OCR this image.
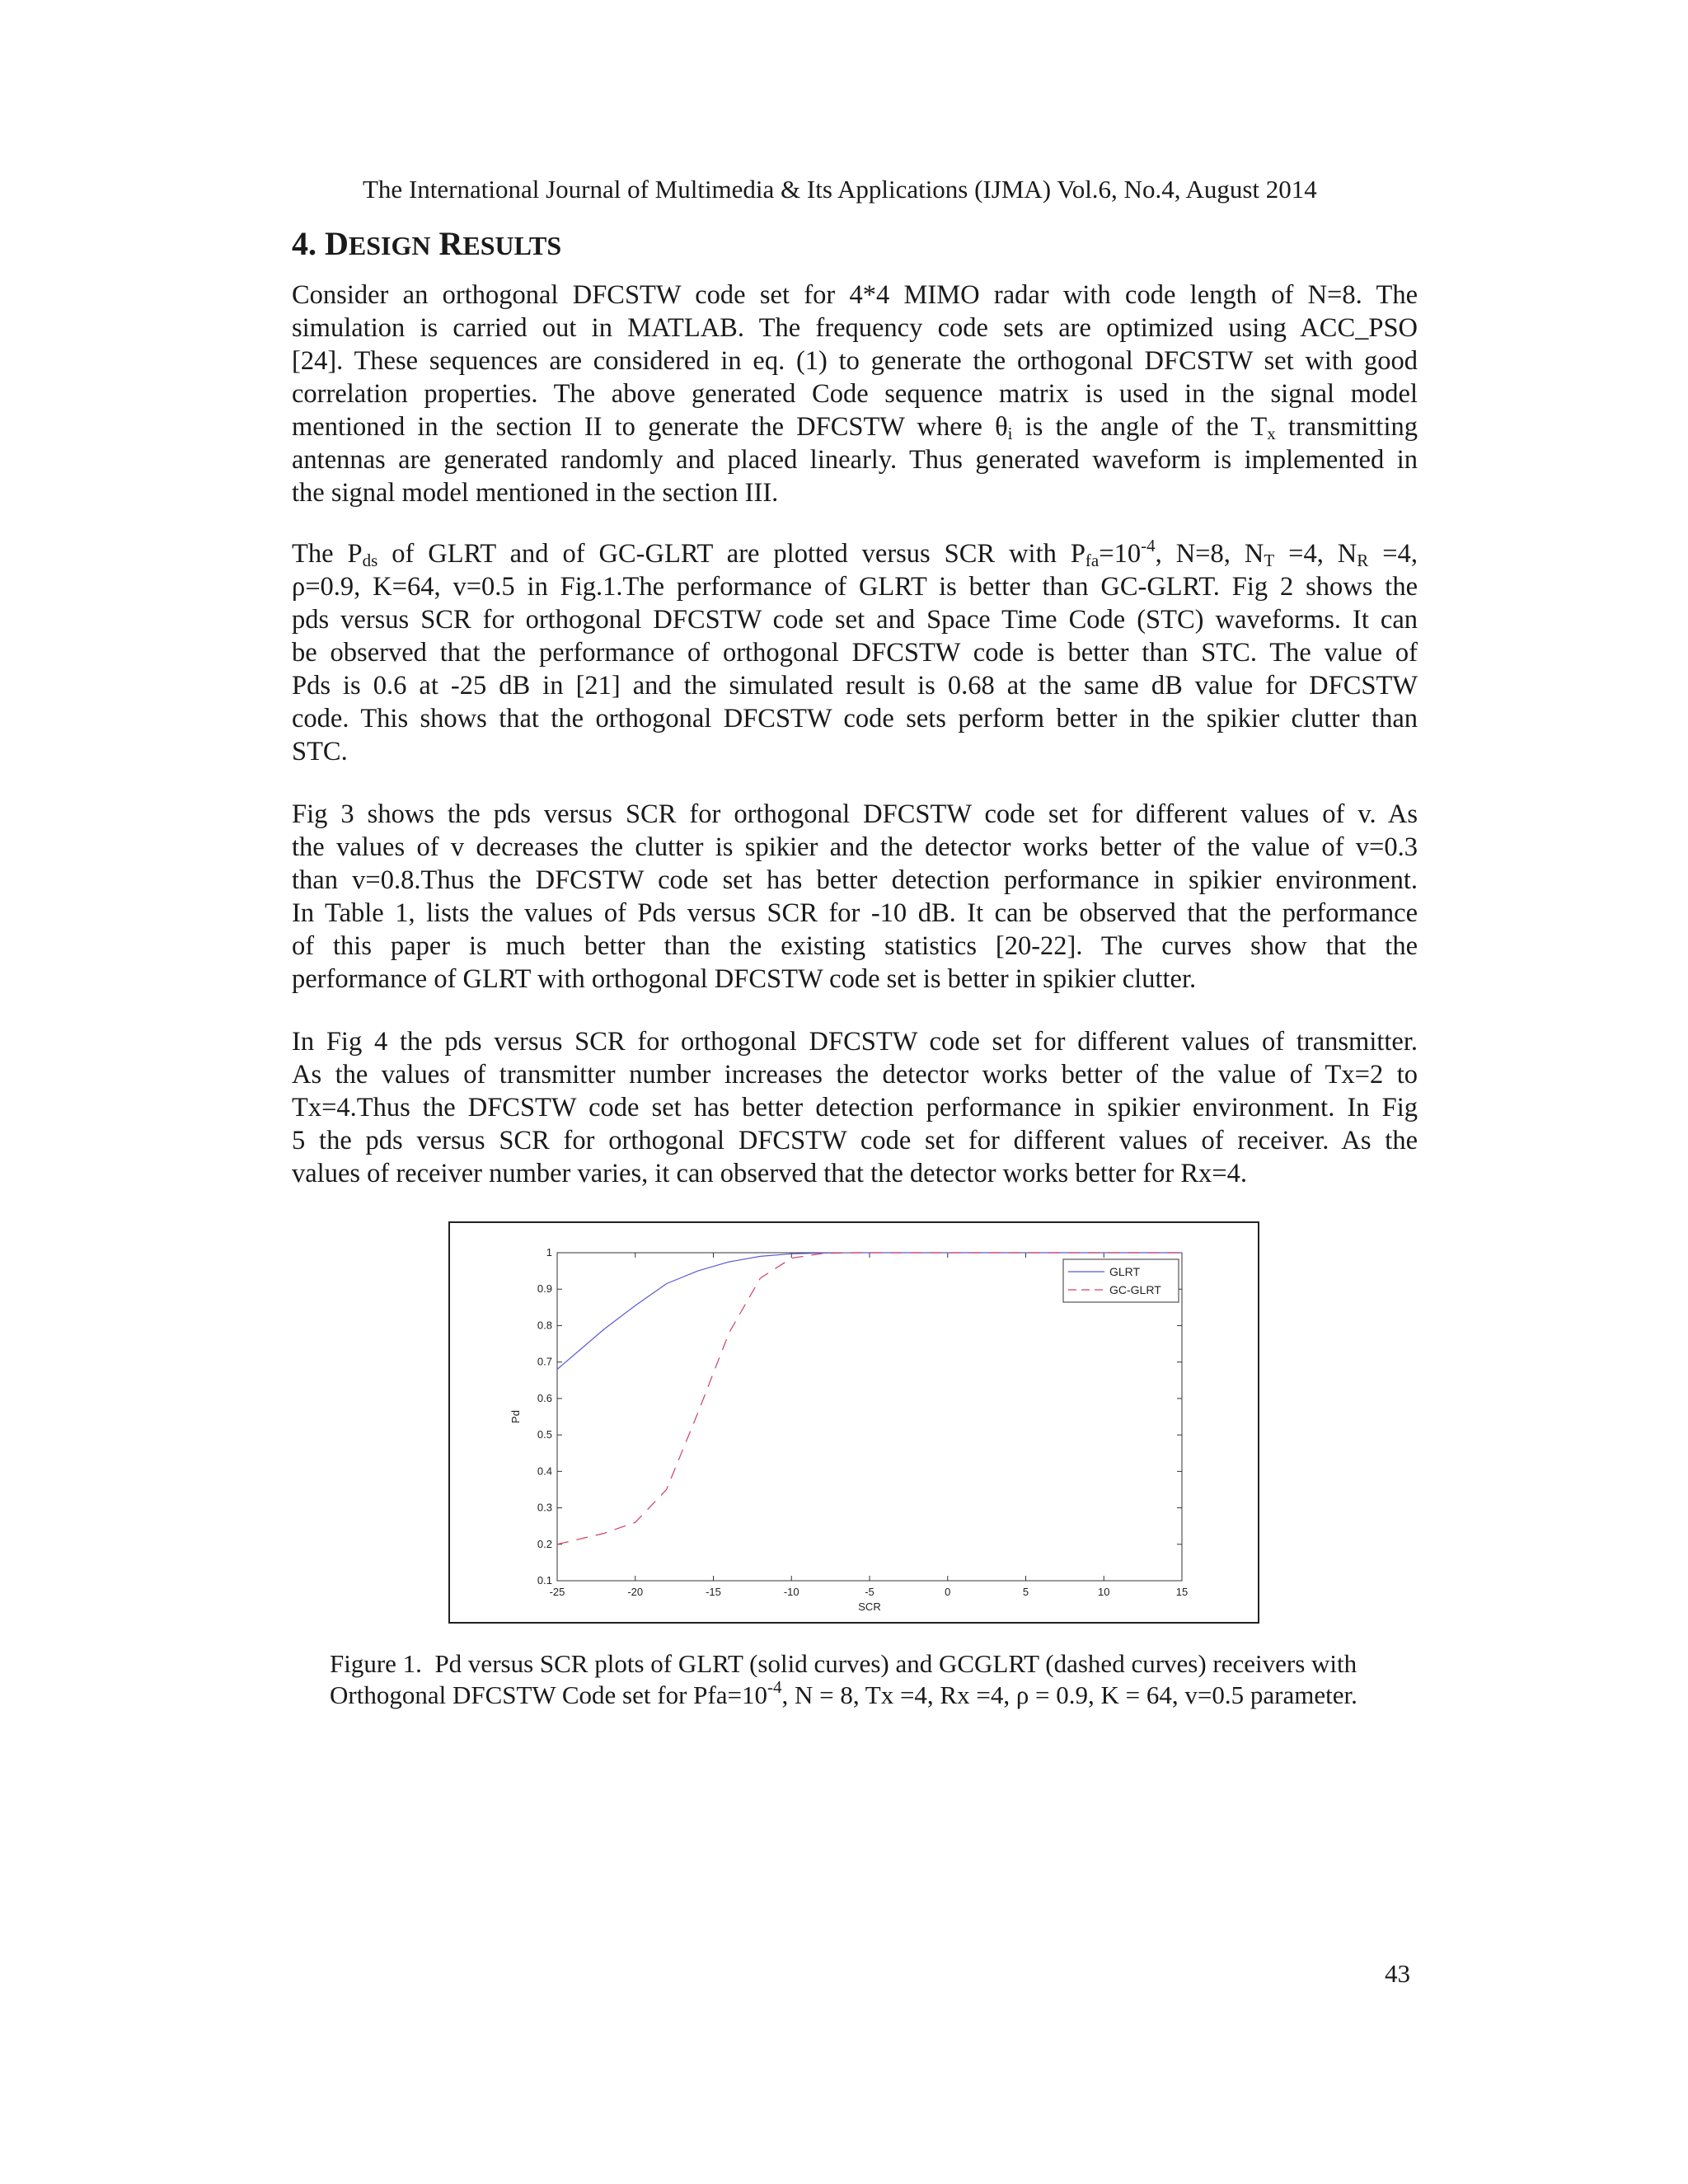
The International Journal of Multimedia & Its Applications (IJMA) Vol.6, No.4, August 2014
4. DESIGN RESULTS
Consider an orthogonal DFCSTW code set for 4*4 MIMO radar with code length of N=8. The
simulation is carried out in MATLAB. The frequency code sets are optimized using ACC_PSO
[24]. These sequences are considered in eq. (1) to generate the orthogonal DFCSTW set with good
correlation properties. The above generated Code sequence matrix is used in the signal model
mentioned in the section II to generate the DFCSTW where $\theta_i$ is the angle of the $T_x$ transmitting
antennas are generated randomly and placed linearly. Thus generated waveform is implemented in
the signal model mentioned in the section III.
The $P_{ds}$ of GLRT and of GC-GLRT are plotted versus SCR with $P_{fa}=10^{-4}$, N=8, $N_T =4$, $N_R =4$,
ρ=0.9, K=64, v=0.5 in Fig.1.The performance of GLRT is better than GC-GLRT. Fig 2 shows the
pds versus SCR for orthogonal DFCSTW code set and Space Time Code (STC) waveforms. It can
be observed that the performance of orthogonal DFCSTW code is better than STC. The value of
Pds is 0.6 at -25 dB in [21] and the simulated result is 0.68 at the same dB value for DFCSTW
code. This shows that the orthogonal DFCSTW code sets perform better in the spikier clutter than
STC.
Fig 3 shows the pds versus SCR for orthogonal DFCSTW code set for different values of v. As
the values of v decreases the clutter is spikier and the detector works better of the value of v=0.3
than v=0.8.Thus the DFCSTW code set has better detection performance in spikier environment.
In Table 1, lists the values of Pds versus SCR for -10 dB. It can be observed that the performance
of this paper is much better than the existing statistics [20-22]. The curves show that the
performance of GLRT with orthogonal DFCSTW code set is better in spikier clutter.
In Fig 4 the pds versus SCR for orthogonal DFCSTW code set for different values of transmitter.
As the values of transmitter number increases the detector works better of the value of Tx=2 to
Tx=4.Thus the DFCSTW code set has better detection performance in spikier environment. In Fig
5 the pds versus SCR for orthogonal DFCSTW code set for different values of receiver. As the
values of receiver number varies, it can observed that the detector works better for Rx=4.
-25	-20	-15	-10	-5	0	5	10	15
0.1
0.2
0.3
0.4
0.5
0.6
0.7
0.8
0.9
1
SCR
Pd
GLRT
GC-GLRT
Figure 1. Pd versus SCR plots of GLRT (solid curves) and GCGLRT (dashed curves) receivers with
Orthogonal DFCSTW Code set for $Pfa=10^{-4}$, N = 8, Tx =4, Rx =4, ρ = 0.9, K = 64, v=0.5 parameter.
43
